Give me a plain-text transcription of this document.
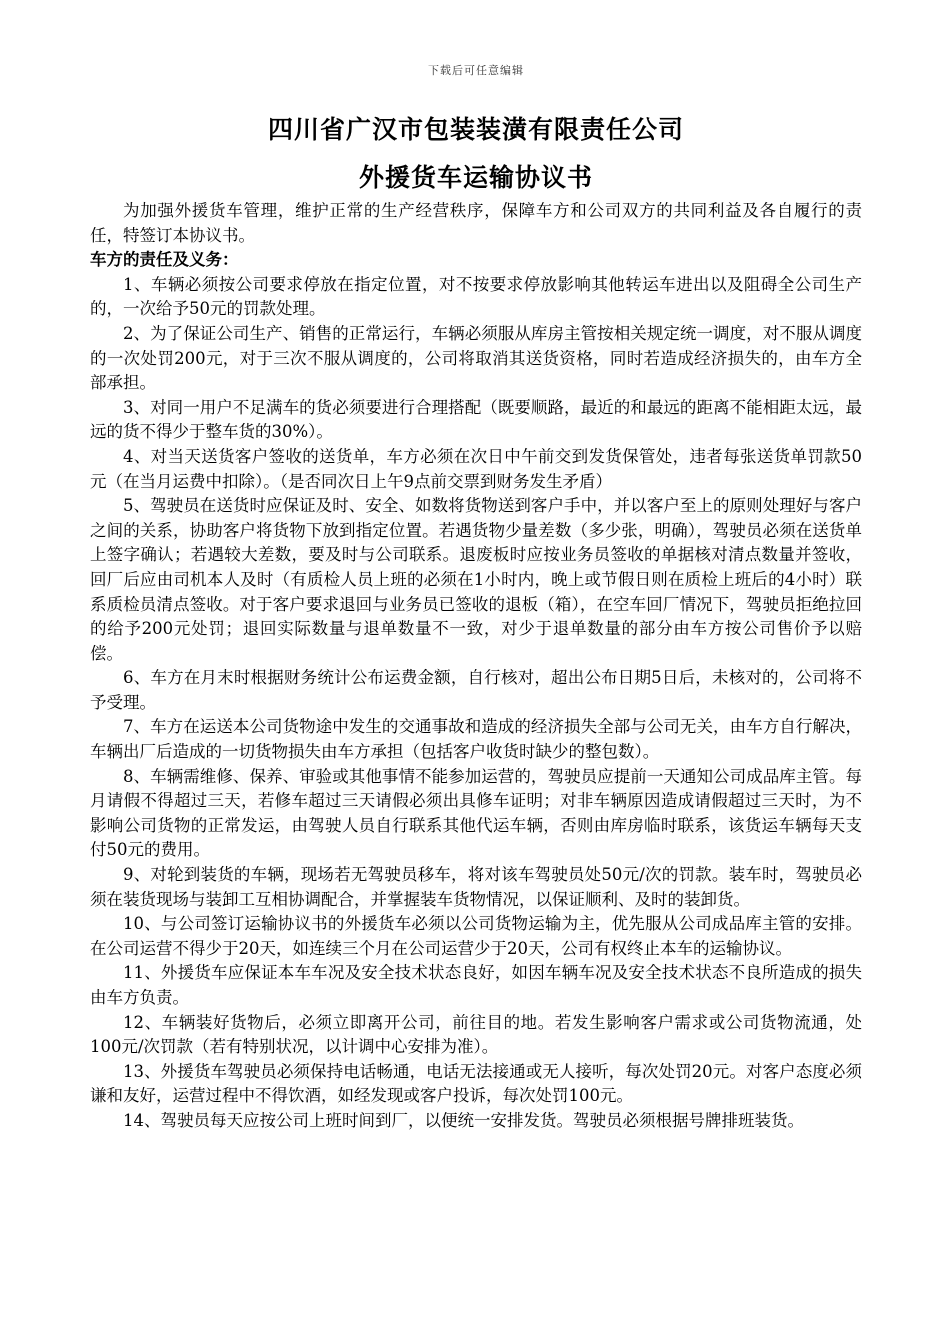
下载后可任意编辑
四川省广汉市包装装潢有限责任公司
外援货车运输协议书

为加强外援货车管理，维护正常的生产经营秩序，保障车方和公司双方的共同利益及各自履行的责任，特签订本协议书。

车方的责任及义务：

1、车辆必须按公司要求停放在指定位置，对不按要求停放影响其他转运车进出以及阻碍全公司生产的，一次给予50元的罚款处理。

2、为了保证公司生产、销售的正常运行，车辆必须服从库房主管按相关规定统一调度，对不服从调度的一次处罚200元，对于三次不服从调度的，公司将取消其送货资格，同时若造成经济损失的，由车方全部承担。

3、对同一用户不足满车的货必须要进行合理搭配（既要顺路，最近的和最远的距离不能相距太远，最远的货不得少于整车货的30%）。

4、对当天送货客户签收的送货单，车方必须在次日中午前交到发货保管处，违者每张送货单罚款50元（在当月运费中扣除）。（是否同次日上午9点前交票到财务发生矛盾）

5、驾驶员在送货时应保证及时、安全、如数将货物送到客户手中，并以客户至上的原则处理好与客户之间的关系，协助客户将货物下放到指定位置。若遇货物少量差数（多少张，明确），驾驶员必须在送货单上签字确认；若遇较大差数，要及时与公司联系。退废板时应按业务员签收的单据核对清点数量并签收，回厂后应由司机本人及时（有质检人员上班的必须在1小时内，晚上或节假日则在质检上班后的4小时）联系质检员清点签收。对于客户要求退回与业务员已签收的退板（箱），在空车回厂情况下，驾驶员拒绝拉回的给予200元处罚；退回实际数量与退单数量不一致，对少于退单数量的部分由车方按公司售价予以赔偿。

6、车方在月末时根据财务统计公布运费金额，自行核对，超出公布日期5日后，未核对的，公司将不予受理。

7、车方在运送本公司货物途中发生的交通事故和造成的经济损失全部与公司无关，由车方自行解决，车辆出厂后造成的一切货物损失由车方承担（包括客户收货时缺少的整包数）。

8、车辆需维修、保养、审验或其他事情不能参加运营的，驾驶员应提前一天通知公司成品库主管。每月请假不得超过三天，若修车超过三天请假必须出具修车证明；对非车辆原因造成请假超过三天时，为不影响公司货物的正常发运，由驾驶人员自行联系其他代运车辆，否则由库房临时联系，该货运车辆每天支付50元的费用。

9、对轮到装货的车辆，现场若无驾驶员移车，将对该车驾驶员处50元/次的罚款。装车时，驾驶员必须在装货现场与装卸工互相协调配合，并掌握装车货物情况，以保证顺利、及时的装卸货。

10、与公司签订运输协议书的外援货车必须以公司货物运输为主，优先服从公司成品库主管的安排。在公司运营不得少于20天，如连续三个月在公司运营少于20天，公司有权终止本车的运输协议。

11、外援货车应保证本车车况及安全技术状态良好，如因车辆车况及安全技术状态不良所造成的损失由车方负责。

12、车辆装好货物后，必须立即离开公司，前往目的地。若发生影响客户需求或公司货物流通，处100元/次罚款（若有特别状况，以计调中心安排为准）。

13、外援货车驾驶员必须保持电话畅通，电话无法接通或无人接听，每次处罚20元。对客户态度必须谦和友好，运营过程中不得饮酒，如经发现或客户投诉，每次处罚100元。

14、驾驶员每天应按公司上班时间到厂，以便统一安排发货。驾驶员必须根据号牌排班装货。
